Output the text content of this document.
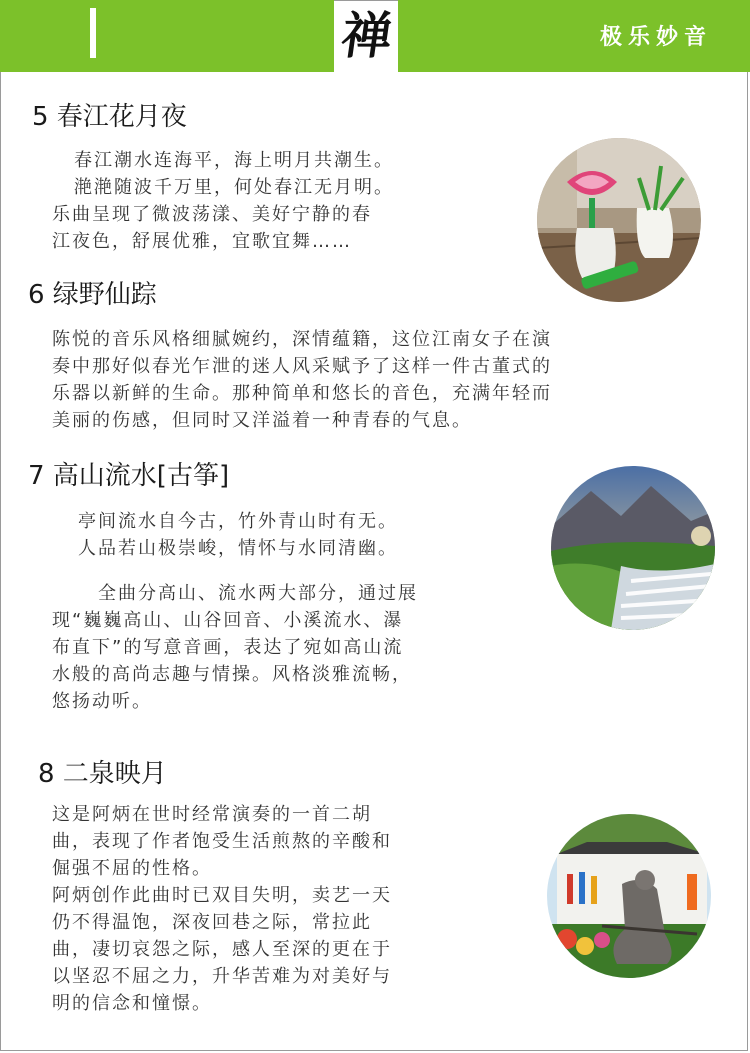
禅	极乐妙音
5 春江花月夜
春江潮水连海平，海上明月共潮生。
滟滟随波千万里，何处春江无月明。
乐曲呈现了微波荡漾、美好宁静的春
江夜色，舒展优雅，宜歌宜舞……
6 绿野仙踪
陈悦的音乐风格细腻婉约，深情蕴籍，这位江南女子在演
奏中那好似春光乍泄的迷人风采赋予了这样一件古董式的
乐器以新鲜的生命。那种简单和悠长的音色，充满年轻而
美丽的伤感，但同时又洋溢着一种青春的气息。
7 高山流水[古筝]
亭间流水自今古，竹外青山时有无。
人品若山极崇峻，情怀与水同清幽。
全曲分高山、流水两大部分，通过展
现“巍巍高山、山谷回音、小溪流水、瀑
布直下”的写意音画，表达了宛如高山流
水般的高尚志趣与情操。风格淡雅流畅，
悠扬动听。
8 二泉映月
这是阿炳在世时经常演奏的一首二胡
曲，表现了作者饱受生活煎熬的辛酸和
倔强不屈的性格。
阿炳创作此曲时已双目失明，卖艺一天
仍不得温饱，深夜回巷之际，常拉此
曲，凄切哀怨之际，感人至深的更在于
以坚忍不屈之力，升华苦难为对美好与
明的信念和憧憬。
